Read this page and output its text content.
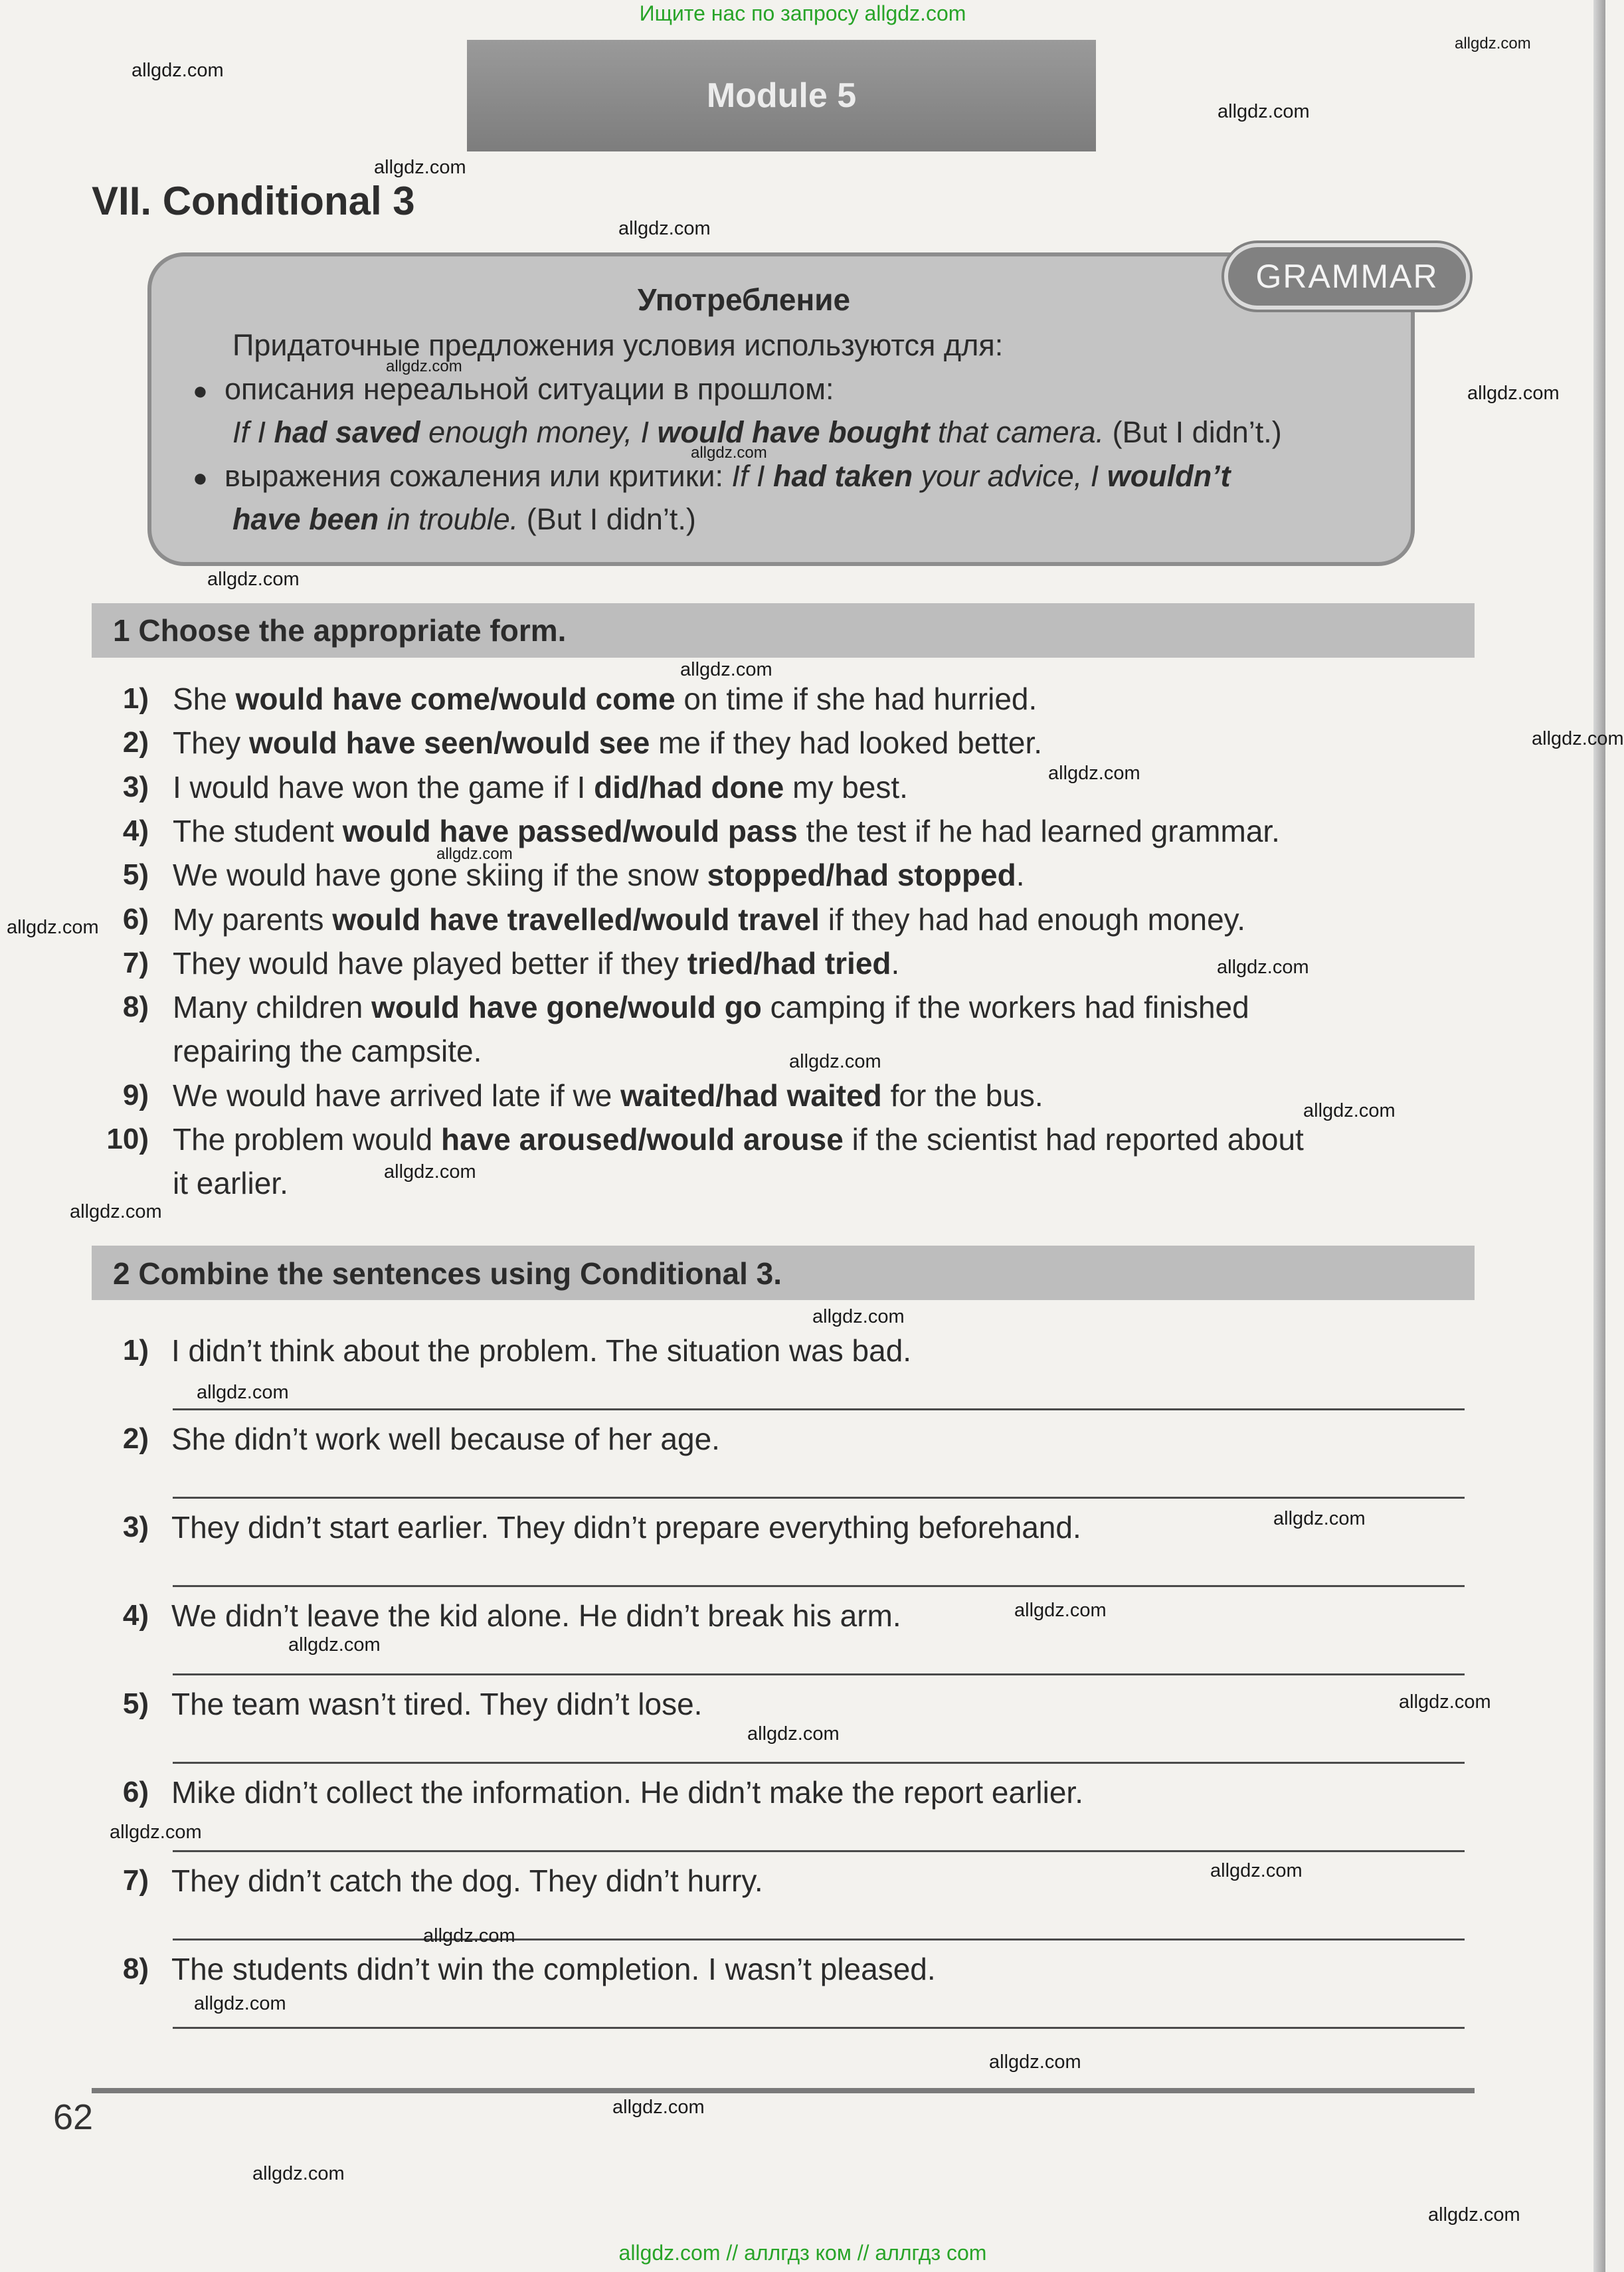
Ищите нас по запросу allgdz.com
allgdz.com // аллгдз ком // аллгдз com
Module 5
VII. Conditional 3
GRAMMAR
Употребление
Придаточные предложения условия используются для:
● описания нереальной ситуации в прошлом:
If I had saved enough money, I would have bought that camera. (But I didn’t.)
● выражения сожаления или критики: If I had taken your advice, I wouldn’t
have been in trouble. (But I didn’t.)
1 Choose the appropriate form.
1) She would have come/would come on time if she had hurried.
2) They would have seen/would see me if they had looked better.
3) I would have won the game if I did/had done my best.
4) The student would have passed/would pass the test if he had learned grammar.
5) We would have gone skiing if the snow stopped/had stopped.
6) My parents would have travelled/would travel if they had had enough money.
7) They would have played better if they tried/had tried.
8) Many children would have gone/would go camping if the workers had finished
repairing the campsite.
9) We would have arrived late if we waited/had waited for the bus.
10) The problem would have aroused/would arouse if the scientist had reported about
it earlier.
2 Combine the sentences using Conditional 3.
1) I didn’t think about the problem. The situation was bad.
2) She didn’t work well because of her age.
3) They didn’t start earlier. They didn’t prepare everything beforehand.
4) We didn’t leave the kid alone. He didn’t break his arm.
5) The team wasn’t tired. They didn’t lose.
6) Mike didn’t collect the information. He didn’t make the report earlier.
7) They didn’t catch the dog. They didn’t hurry.
8) The students didn’t win the completion. I wasn’t pleased.
62
allgdz.com
allgdz.com
allgdz.com
allgdz.com
allgdz.com
allgdz.com
allgdz.com
allgdz.com
allgdz.com
allgdz.com
allgdz.com
allgdz.com
allgdz.com
allgdz.com
allgdz.com
allgdz.com
allgdz.com
allgdz.com
allgdz.com
allgdz.com
allgdz.com
allgdz.com
allgdz.com
allgdz.com
allgdz.com
allgdz.com
allgdz.com
allgdz.com
allgdz.com
allgdz.com
allgdz.com
allgdz.com
allgdz.com
allgdz.com
